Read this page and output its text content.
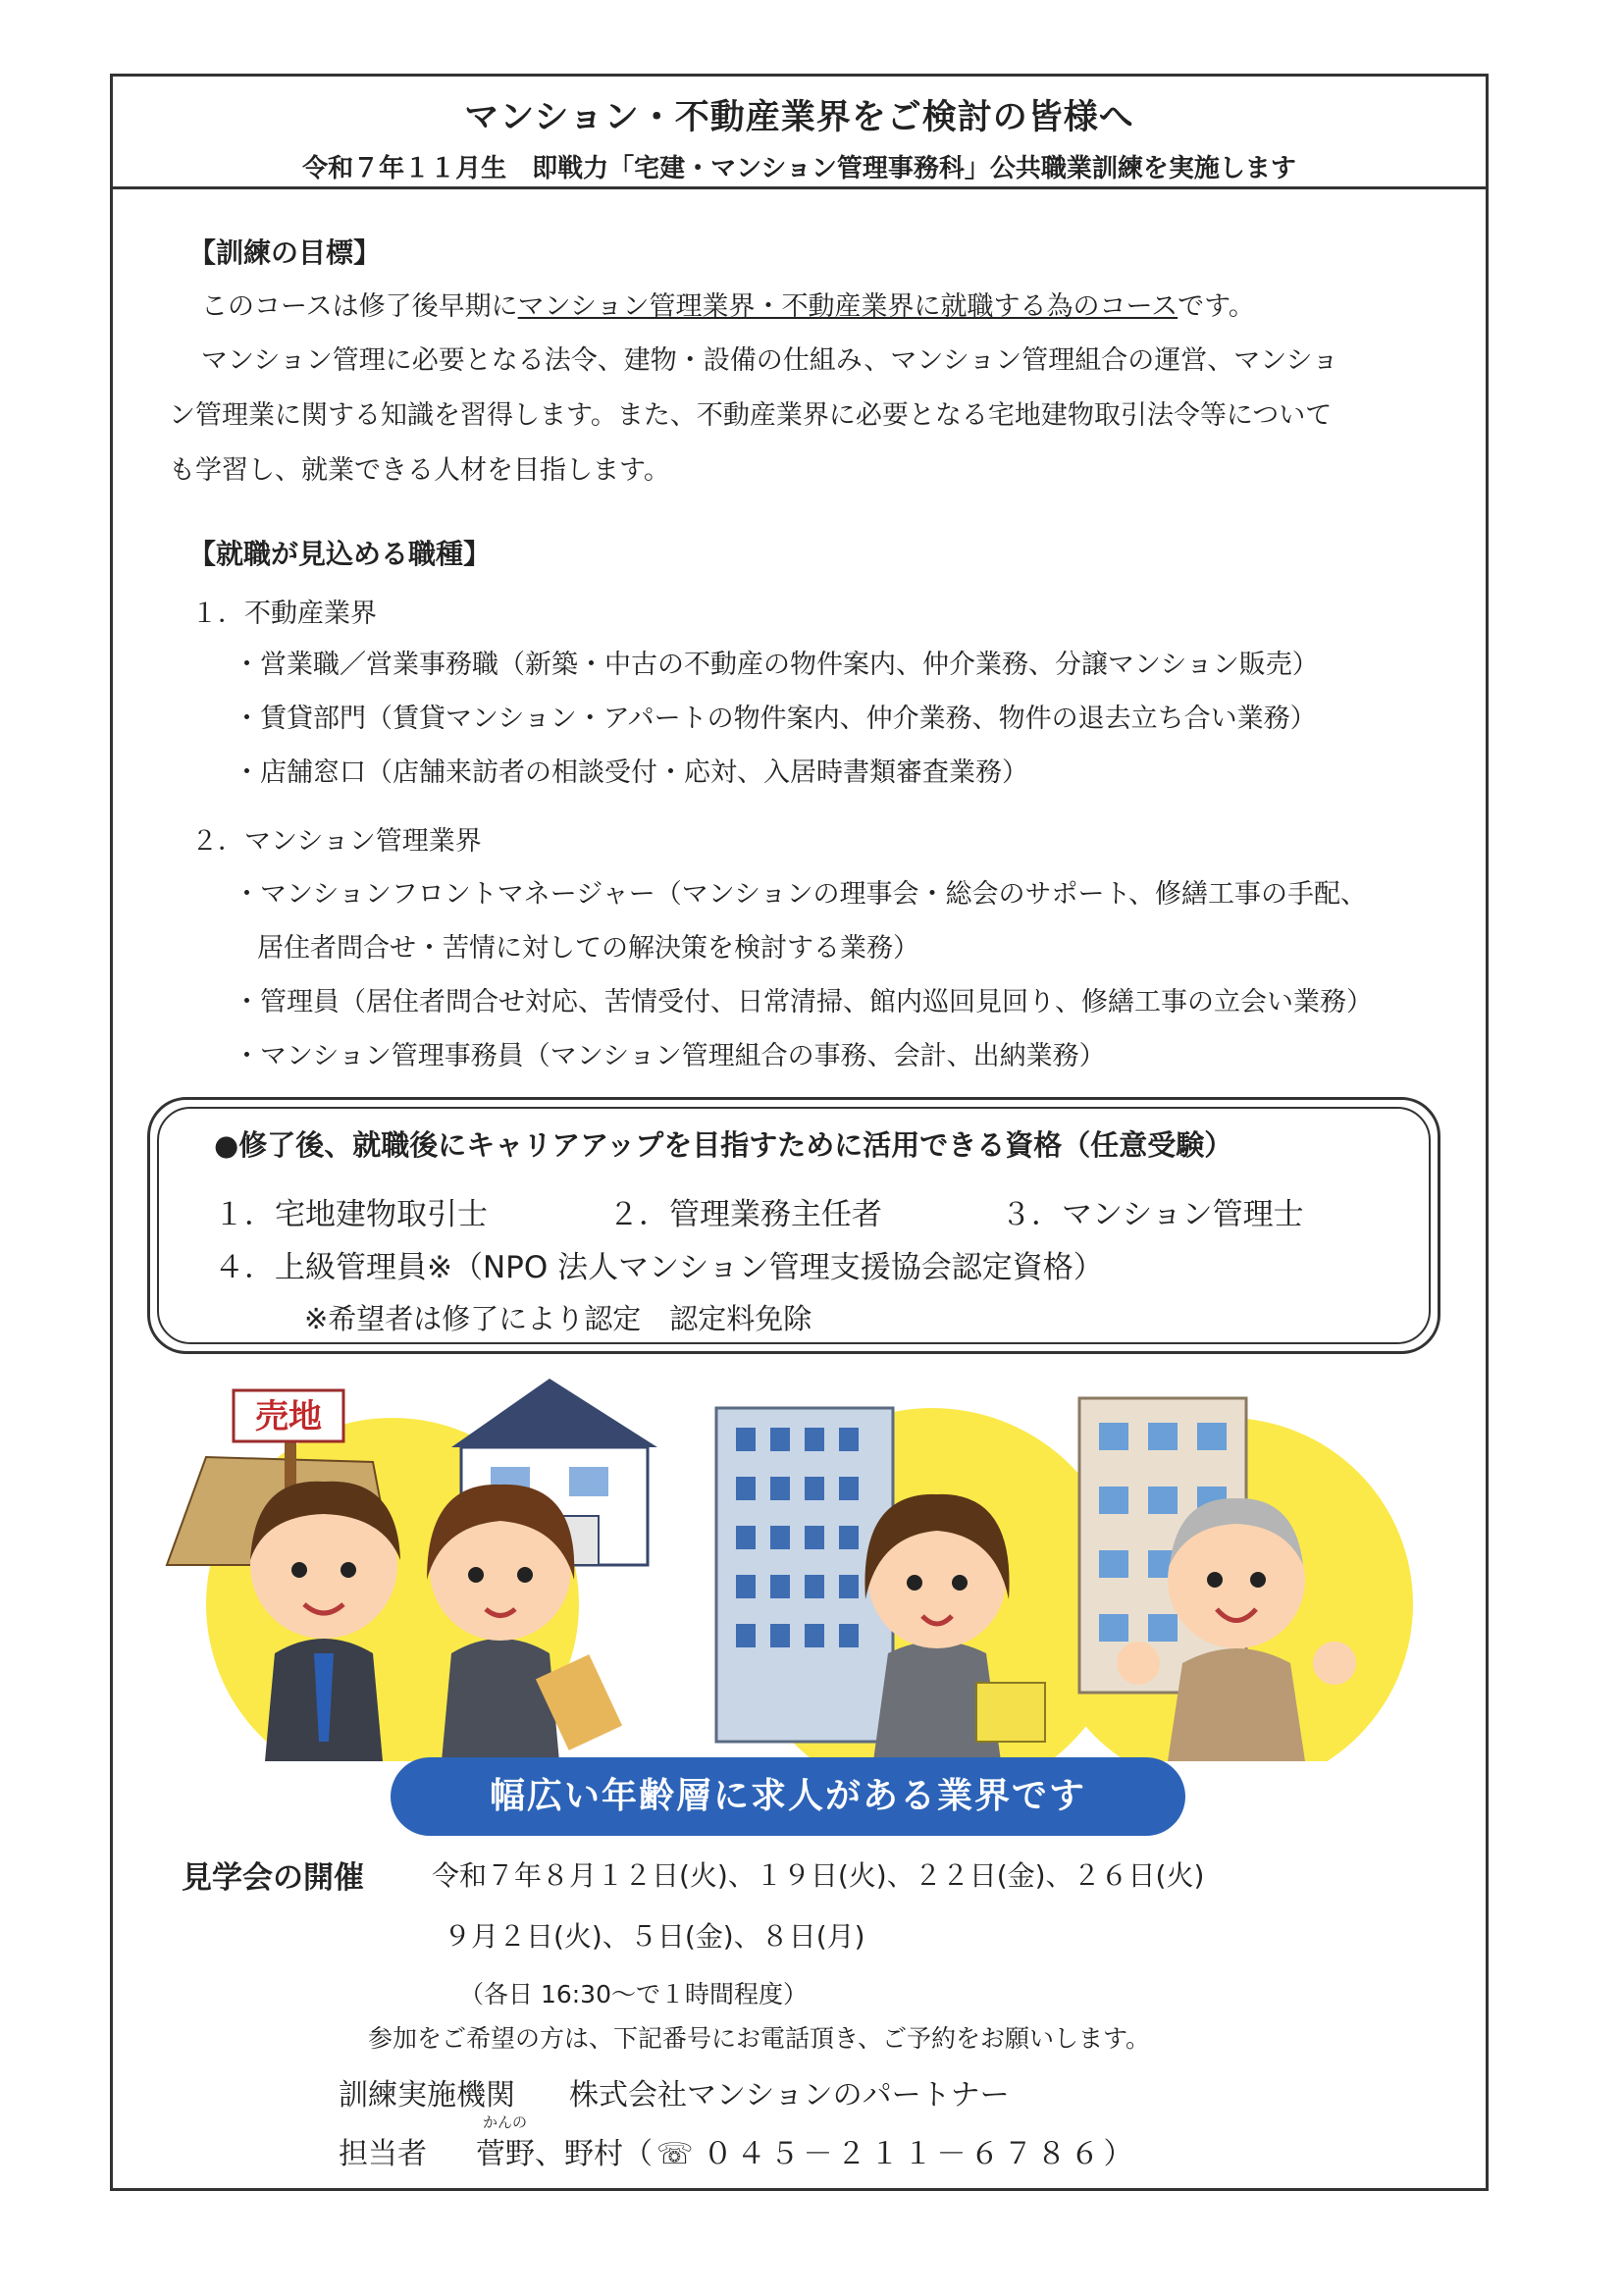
マンション・不動産業界をご検討の皆様へ
令和７年１１月生　即戦力「宅建・マンション管理事務科」公共職業訓練を実施します
【訓練の目標】
このコースは修了後早期にマンション管理業界・不動産業界に就職する為のコースです。
マンション管理に必要となる法令、建物・設備の仕組み、マンション管理組合の運営、マンショ
ン管理業に関する知識を習得します。また、不動産業界に必要となる宅地建物取引法令等について
も学習し、就業できる人材を目指します。
【就職が見込める職種】
１．不動産業界
・営業職／営業事務職（新築・中古の不動産の物件案内、仲介業務、分譲マンション販売）
・賃貸部門（賃貸マンション・アパートの物件案内、仲介業務、物件の退去立ち合い業務）
・店舗窓口（店舗来訪者の相談受付・応対、入居時書類審査業務）
２．マンション管理業界
・マンションフロントマネージャー（マンションの理事会・総会のサポート、修繕工事の手配、
居住者問合せ・苦情に対しての解決策を検討する業務）
・管理員（居住者問合せ対応、苦情受付、日常清掃、館内巡回見回り、修繕工事の立会い業務）
・マンション管理事務員（マンション管理組合の事務、会計、出納業務）
●修了後、就職後にキャリアアップを目指すために活用できる資格（任意受験）
１．宅地建物取引士	２．管理業務主任者	３．マンション管理士
４．上級管理員※（NPO 法人マンション管理支援協会認定資格）
※希望者は修了により認定　認定料免除
売地
幅広い年齢層に求人がある業界です
見学会の開催 令和７年８月１２日(火)、１９日(火)、２２日(金)、２６日(火)
９月２日(火)、５日(金)、８日(月)
（各日 16:30～で１時間程度）
参加をご希望の方は、下記番号にお電話頂き、ご予約をお願いします。
訓練実施機関 株式会社マンションのパートナー
担当者
かんの
菅野、野村（ ☏ ０４５－２１１－６７８６）
